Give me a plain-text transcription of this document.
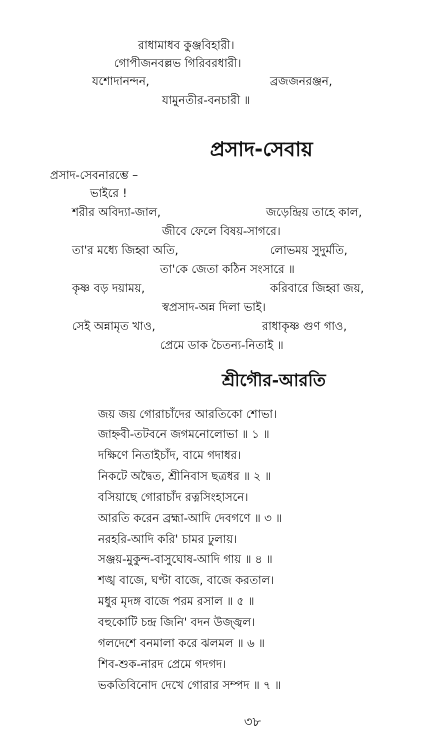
রাধামাধব কুঞ্জবিহারী।
গোপীজনবল্লভ গিরিবরধারী।
যশোদানন্দন,	ব্রজজনরঞ্জন,
যামুনতীর-বনচারী ॥
প্রসাদ-সেবায়
প্রসাদ-সেবনারম্ভে –
ভাইরে !
শরীর অবিদ্যা-জাল,	জড়েন্দ্রিয় তাহে কাল,
জীবে ফেলে বিষয়-সাগরে।
তা'র মধ্যে জিহ্বা অতি,	লোভময় সুদুর্মতি,
তা'কে জেতা কঠিন সংসারে ॥
কৃষ্ণ বড় দয়াময়,	করিবারে জিহ্বা জয়,
স্বপ্রসাদ-অন্ন দিলা ভাই।
সেই অন্নামৃত খাও,	রাধাকৃষ্ণ গুণ গাও,
প্রেমে ডাক চৈতন্য-নিতাই ॥
শ্রীগৌর-আরতি
জয় জয় গোরাচাঁদের আরতিকো শোভা।
জাহ্নবী-তটবনে জগমনোলোভা ॥ ১ ॥
দক্ষিণে নিতাইচাঁদ, বামে গদাধর।
নিকটে অদ্বৈত, শ্রীনিবাস ছত্রধর ॥ ২ ॥
বসিয়াছে গোরাচাঁদ রত্নসিংহাসনে।
আরতি করেন ব্রহ্মা-আদি দেবগণে ॥ ৩ ॥
নরহরি-আদি করি' চামর ঢুলায়।
সঞ্জয়-মুকুন্দ-বাসুঘোষ-আদি গায় ॥ ৪ ॥
শঙ্খ বাজে, ঘণ্টা বাজে, বাজে করতাল।
মধুর মৃদঙ্গ বাজে পরম রসাল ॥ ৫ ॥
বহুকোটি চন্দ্র জিনি' বদন উজ্জ্বল।
গলদেশে বনমালা করে ঝলমল ॥ ৬ ॥
শিব-শুক-নারদ প্রেমে গদগদ।
ভকতিবিনোদ দেখে গোরার সম্পদ ॥ ৭ ॥
৩৮
